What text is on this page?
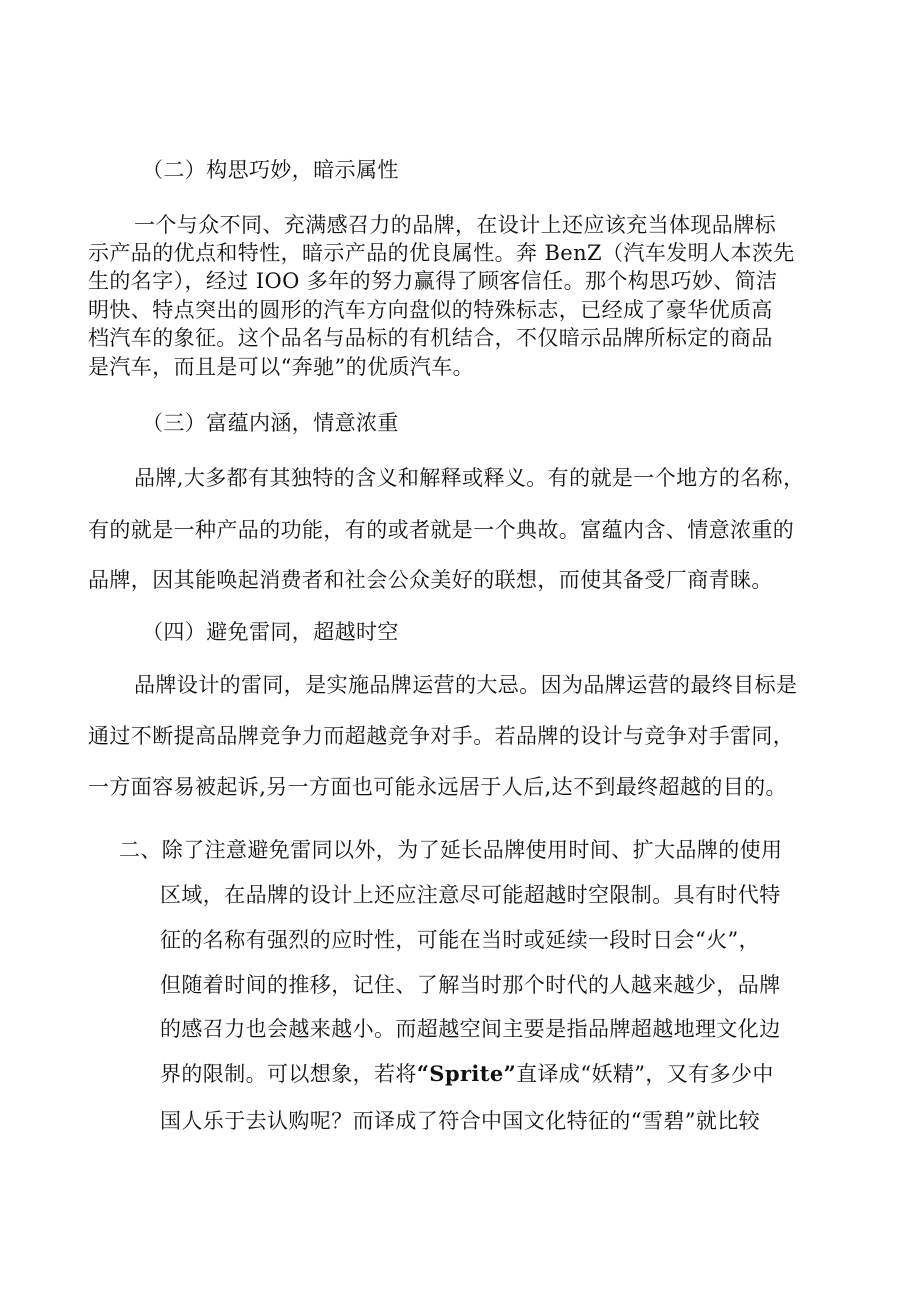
（二）构思巧妙，暗示属性
一个与众不同、充满感召力的品牌，在设计上还应该充当体现品牌标
示产品的优点和特性，暗示产品的优良属性。奔 BenZ（汽车发明人本茨先
生的名字），经过 IOO 多年的努力赢得了顾客信任。那个构思巧妙、简洁
明快、特点突出的圆形的汽车方向盘似的特殊标志，已经成了豪华优质高
档汽车的象征。这个品名与品标的有机结合，不仅暗示品牌所标定的商品
是汽车，而且是可以“奔驰”的优质汽车。
（三）富蕴内涵，情意浓重
品牌,大多都有其独特的含义和解释或释义。有的就是一个地方的名称，
有的就是一种产品的功能，有的或者就是一个典故。富蕴内含、情意浓重的
品牌，因其能唤起消费者和社会公众美好的联想，而使其备受厂商青睐。
（四）避免雷同，超越时空
品牌设计的雷同，是实施品牌运营的大忌。因为品牌运营的最终目标是
通过不断提高品牌竞争力而超越竞争对手。若品牌的设计与竞争对手雷同，
一方面容易被起诉,另一方面也可能永远居于人后,达不到最终超越的目的。
二、除了注意避免雷同以外，为了延长品牌使用时间、扩大品牌的使用
区域，在品牌的设计上还应注意尽可能超越时空限制。具有时代特
征的名称有强烈的应时性，可能在当时或延续一段时日会“火”，
但随着时间的推移，记住、了解当时那个时代的人越来越少，品牌
的感召力也会越来越小。而超越空间主要是指品牌超越地理文化边
界的限制。可以想象，若将“Sprite”直译成“妖精”，又有多少中
国人乐于去认购呢？而译成了符合中国文化特征的“雪碧”就比较
